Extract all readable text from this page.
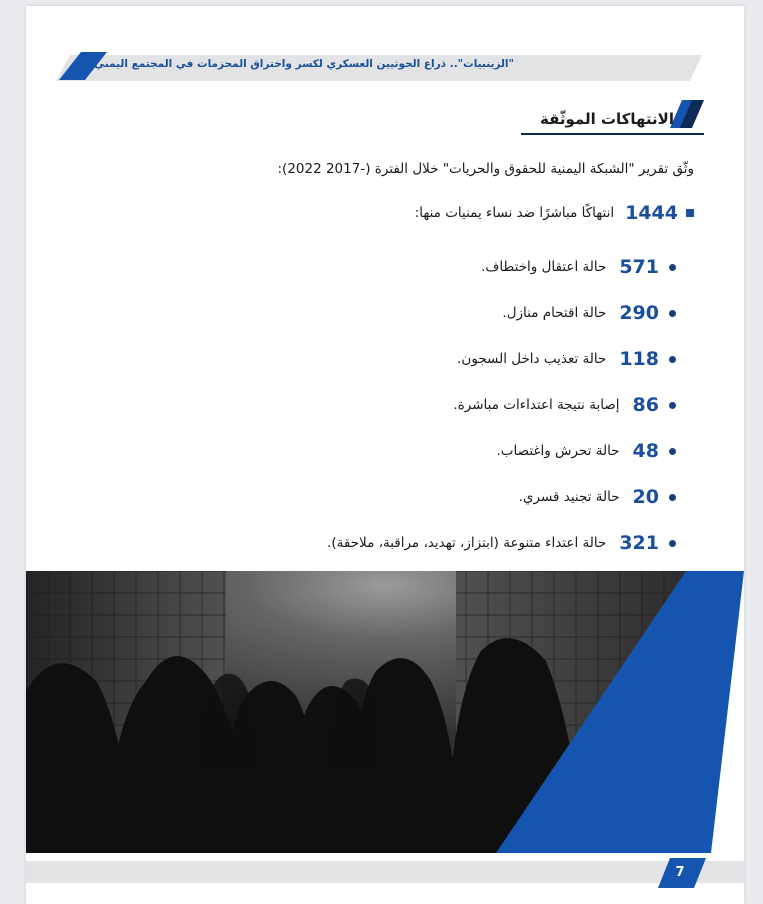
"الزينبيات".. ذراع الحوثيين العسكري لكسر واختراق المحزمات في المجتمع اليمني
الانتهاكات الموثّقة
وثّق تقرير "الشبكة اليمنية للحقوق والحريات" خلال الفترة (-2017 2022):
1444
انتهاكًا مباشرًا ضد نساء يمنيات منها:
571
حالة اعتقال واختطاف.
290
حالة اقتحام منازل.
118
حالة تعذيب داخل السجون.
86
إصابة نتيجة اعتداءات مباشرة.
48
حالة تحرش واغتصاب.
20
حالة تجنيد قسري.
321
حالة اعتداء متنوعة (ابتزاز، تهديد، مراقبة، ملاحقة).
7
